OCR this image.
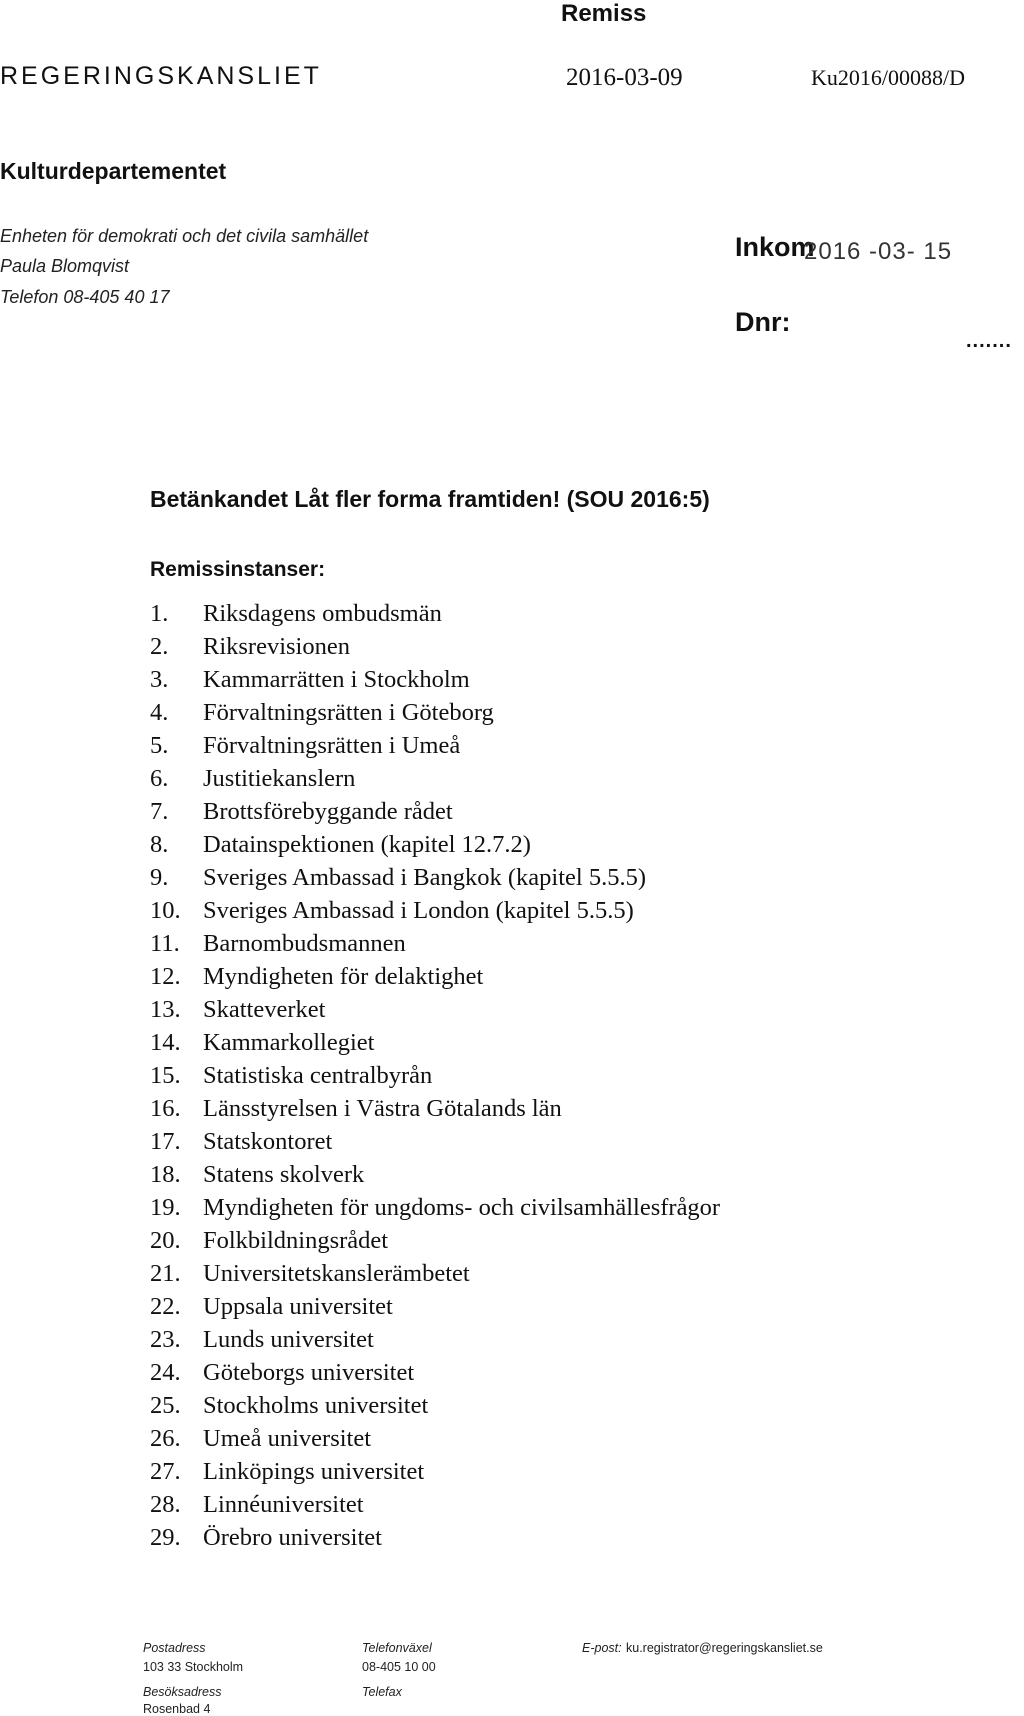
Remiss
REGERINGSKANSLIET	2016-03-09	Ku2016/00088/D
Kulturdepartementet
Enheten för demokrati och det civila samhället
Paula Blomqvist
Telefon 08-405 40 17
Inkom
2016 -03- 15
Dnr:
.......
Betänkandet Låt fler forma framtiden! (SOU 2016:5)
Remissinstanser:
1.	Riksdagens ombudsmän
2.	Riksrevisionen
3.	Kammarrätten i Stockholm
4.	Förvaltningsrätten i Göteborg
5.	Förvaltningsrätten i Umeå
6.	Justitiekanslern
7.	Brottsförebyggande rådet
8.	Datainspektionen (kapitel 12.7.2)
9.	Sveriges Ambassad i Bangkok (kapitel 5.5.5)
10. Sveriges Ambassad i London (kapitel 5.5.5)
11. Barnombudsmannen
12. Myndigheten för delaktighet
13. Skatteverket
14. Kammarkollegiet
15. Statistiska centralbyrån
16. Länsstyrelsen i Västra Götalands län
17. Statskontoret
18. Statens skolverk
19. Myndigheten för ungdoms- och civilsamhällesfrågor
20. Folkbildningsrådet
21. Universitetskanslerämbetet
22. Uppsala universitet
23. Lunds universitet
24. Göteborgs universitet
25. Stockholms universitet
26. Umeå universitet
27. Linköpings universitet
28. Linnéuniversitet
29. Örebro universitet
Postadress
103 33 Stockholm
Besöksadress
Rosenbad 4
Telefonväxel
08-405 10 00
Telefax
E-post: ku.registrator@regeringskansliet.se
